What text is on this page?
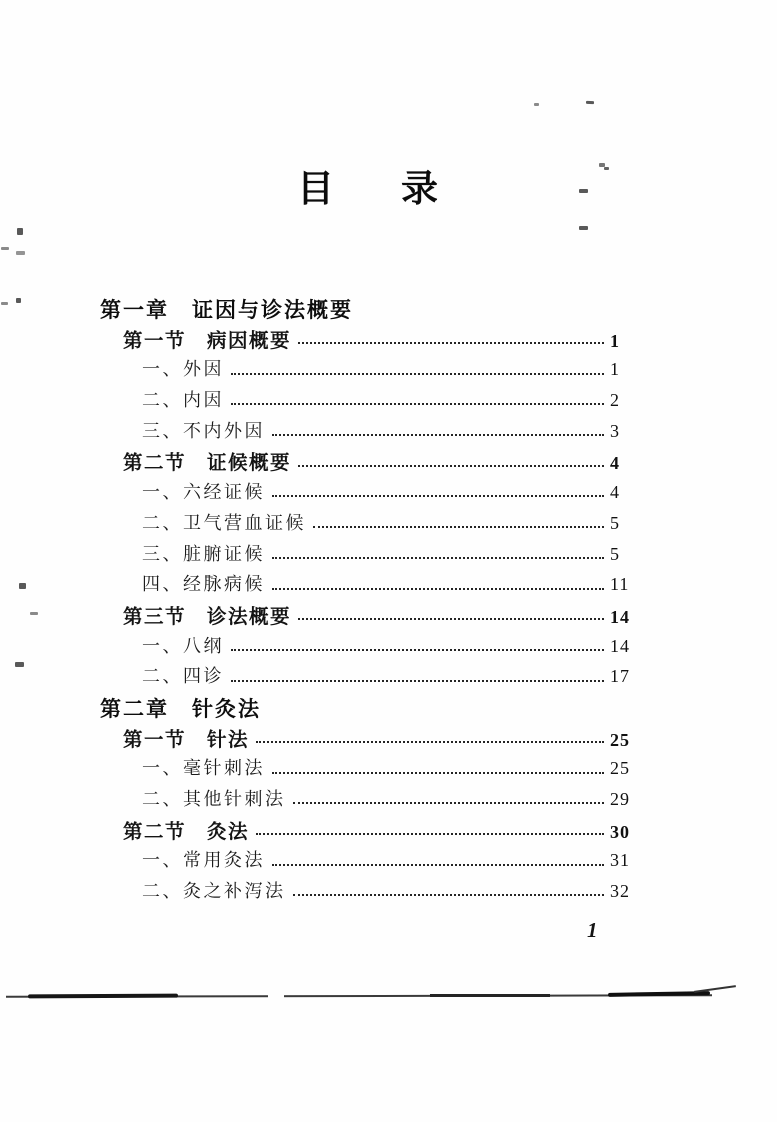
目　录
第一章　证因与诊法概要
第一节　病因概要	1
一、外因	1
二、内因	2
三、不内外因	3
第二节　证候概要	4
一、六经证候	4
二、卫气营血证候	5
三、脏腑证候	5
四、经脉病候	11
第三节　诊法概要	14
一、八纲	14
二、四诊	17
第二章　针灸法
第一节　针法	25
一、毫针刺法	25
二、其他针刺法	29
第二节　灸法	30
一、常用灸法	31
二、灸之补泻法	32
1
